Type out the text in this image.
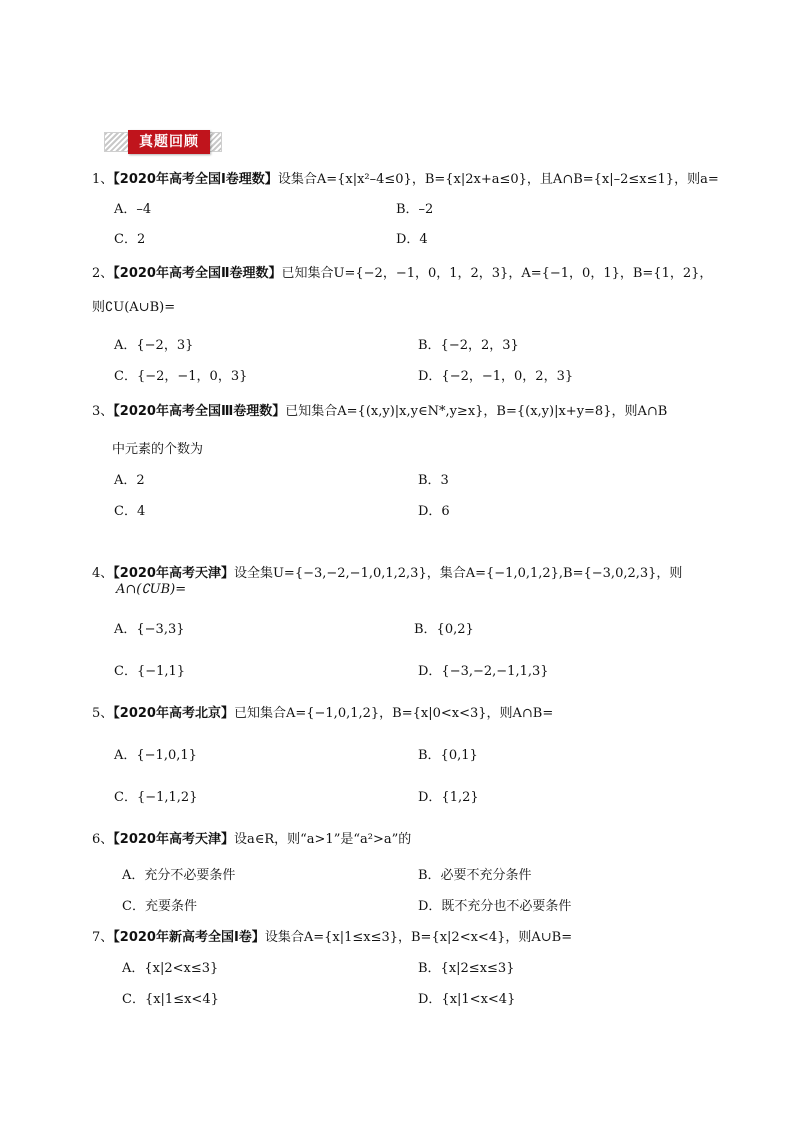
真题回顾
1、【2020年高考全国Ⅰ卷理数】设集合A={x|x²–4≤0}，B={x|2x+a≤0}，且A∩B={x|–2≤x≤1}，则a=
A．–4	B．–2
C．2	D．4
2、【2020年高考全国Ⅱ卷理数】已知集合U={−2，−1，0，1，2，3}，A={−1，0，1}，B={1，2}，
则∁U(A∪B)=
A．{−2，3}	B．{−2，2，3}
C．{−2，−1，0，3}	D．{−2，−1，0，2，3}
3、【2020年高考全国Ⅲ卷理数】已知集合A={(x,y)|x,y∈N*,y≥x}，B={(x,y)|x+y=8}，则A∩B
中元素的个数为
A．2	B．3
C．4	D．6
4、【2020年高考天津】设全集U={−3,−2,−1,0,1,2,3}，集合A={−1,0,1,2},B={−3,0,2,3}，则
A∩(∁UB)=
A．{−3,3}	B．{0,2}
C．{−1,1}	D．{−3,−2,−1,1,3}
5、【2020年高考北京】已知集合A={−1,0,1,2}，B={x|0<x<3}，则A∩B=
A．{−1,0,1}	B．{0,1}
C．{−1,1,2}	D．{1,2}
6、【2020年高考天津】设a∈R，则“a>1”是“a²>a”的
A．充分不必要条件	B．必要不充分条件
C．充要条件	D．既不充分也不必要条件
7、【2020年新高考全国Ⅰ卷】设集合A={x|1≤x≤3}，B={x|2<x<4}，则A∪B=
A．{x|2<x≤3}	B．{x|2≤x≤3}
C．{x|1≤x<4}	D．{x|1<x<4}
